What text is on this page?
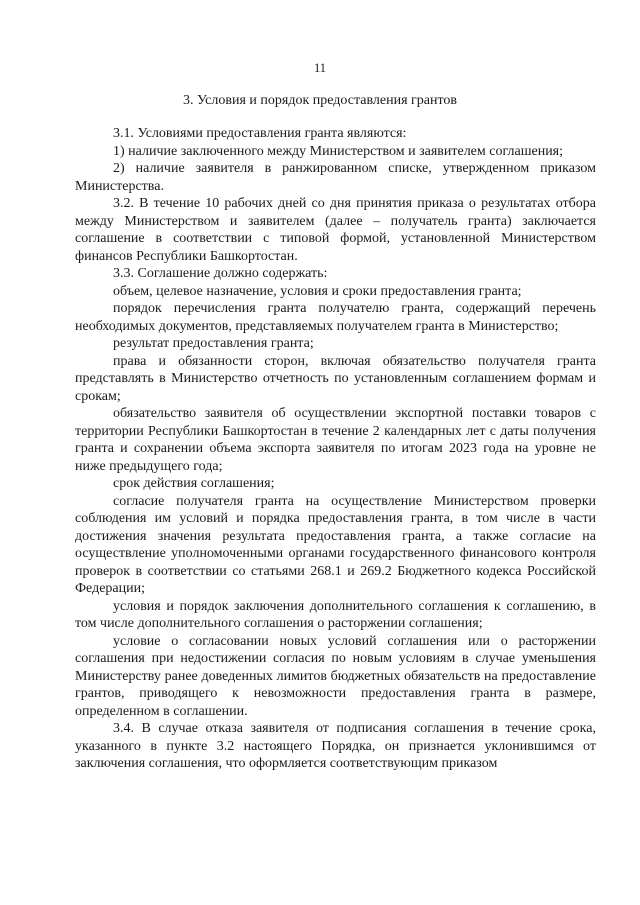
11
3. Условия и порядок предоставления грантов

3.1. Условиями предоставления гранта являются:

1) наличие заключенного между Министерством и заявителем соглашения;

2) наличие заявителя в ранжированном списке, утвержденном приказом Министерства.

3.2. В течение 10 рабочих дней со дня принятия приказа о результатах отбора между Министерством и заявителем (далее – получатель гранта) заключается соглашение в соответствии с типовой формой, установленной Министерством финансов Республики Башкортостан.

3.3. Соглашение должно содержать:

объем, целевое назначение, условия и сроки предоставления гранта;

порядок перечисления гранта получателю гранта, содержащий перечень необходимых документов, представляемых получателем гранта в Министерство;

результат предоставления гранта;

права и обязанности сторон, включая обязательство получателя гранта представлять в Министерство отчетность по установленным соглашением формам и срокам;

обязательство заявителя об осуществлении экспортной поставки товаров с территории Республики Башкортостан в течение 2 календарных лет с даты получения гранта и сохранении объема экспорта заявителя по итогам 2023 года на уровне не ниже предыдущего года;

срок действия соглашения;

согласие получателя гранта на осуществление Министерством проверки соблюдения им условий и порядка предоставления гранта, в том числе в части достижения значения результата предоставления гранта, а также согласие на осуществление уполномоченными органами государственного финансового контроля проверок в соответствии со статьями 268.1 и 269.2 Бюджетного кодекса Российской Федерации;

условия и порядок заключения дополнительного соглашения к соглашению, в том числе дополнительного соглашения о расторжении соглашения;

условие о согласовании новых условий соглашения или о расторжении соглашения при недостижении согласия по новым условиям в случае уменьшения Министерству ранее доведенных лимитов бюджетных обязательств на предоставление грантов, приводящего к невозможности предоставления гранта в размере, определенном в соглашении.

3.4. В случае отказа заявителя от подписания соглашения в течение срока, указанного в пункте 3.2 настоящего Порядка, он признается уклонившимся от заключения соглашения, что оформляется соответствующим приказом
